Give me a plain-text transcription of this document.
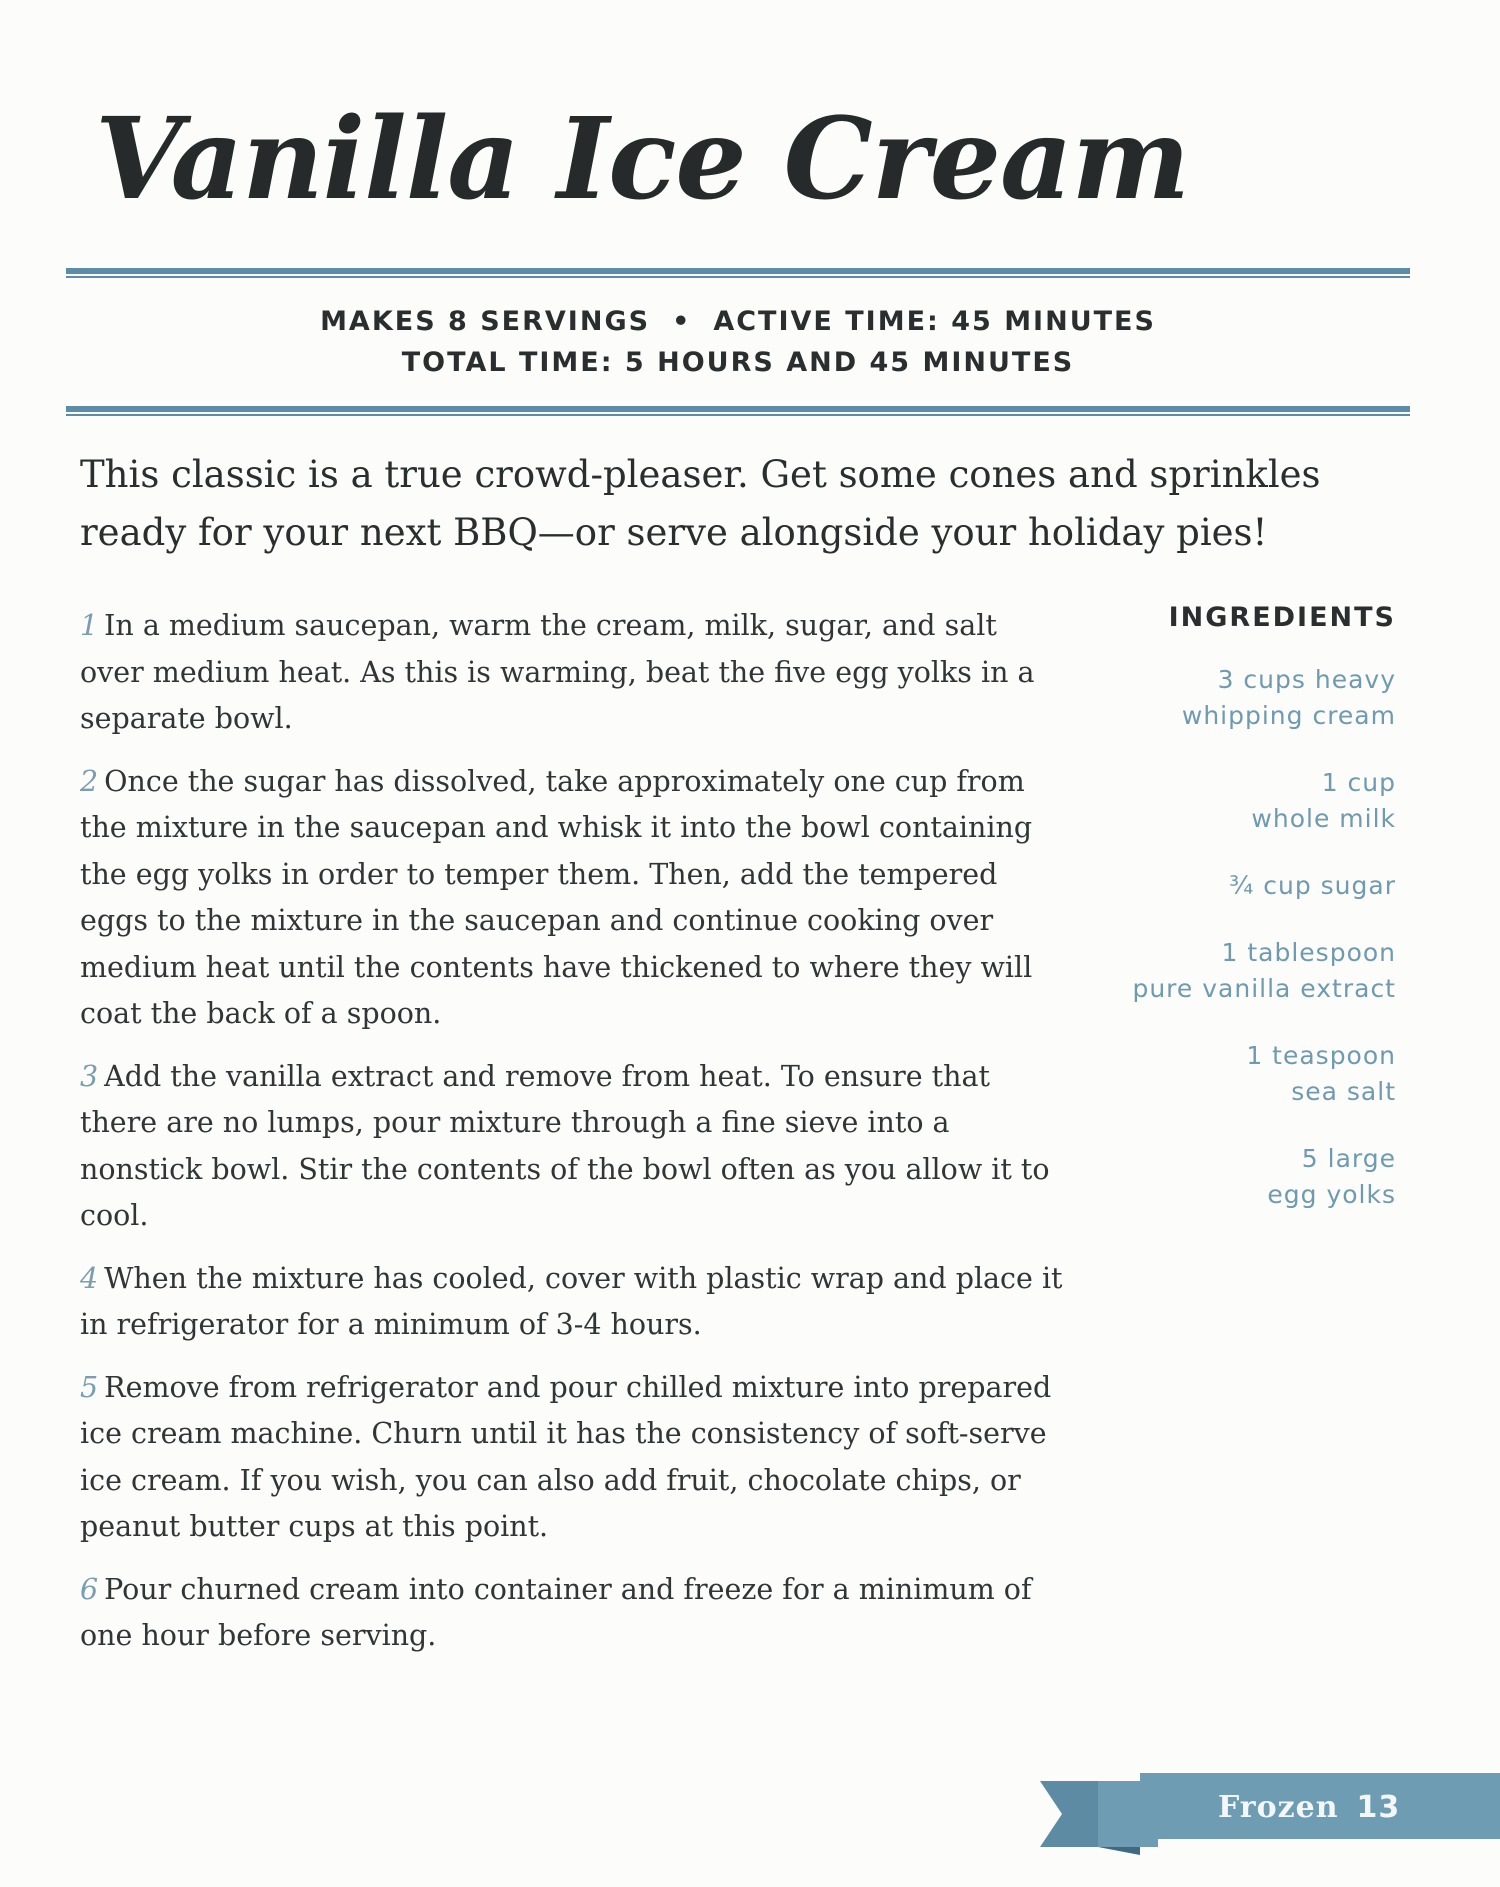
Vanilla Ice Cream
MAKES 8 SERVINGS • ACTIVE TIME: 45 MINUTES
TOTAL TIME: 5 HOURS AND 45 MINUTES

This classic is a true crowd-pleaser. Get some cones and sprinkles ready for your next BBQ—or serve alongside your holiday pies!

1 In a medium saucepan, warm the cream, milk, sugar, and salt over medium heat. As this is warming, beat the five egg yolks in a separate bowl.

2 Once the sugar has dissolved, take approximately one cup from the mixture in the saucepan and whisk it into the bowl containing the egg yolks in order to temper them. Then, add the tempered eggs to the mixture in the saucepan and continue cooking over medium heat until the contents have thickened to where they will coat the back of a spoon.

3 Add the vanilla extract and remove from heat. To ensure that there are no lumps, pour mixture through a fine sieve into a nonstick bowl. Stir the contents of the bowl often as you allow it to cool.

4 When the mixture has cooled, cover with plastic wrap and place it in refrigerator for a minimum of 3-4 hours.

5 Remove from refrigerator and pour chilled mixture into prepared ice cream machine. Churn until it has the consistency of soft-serve ice cream. If you wish, you can also add fruit, chocolate chips, or peanut butter cups at this point.

6 Pour churned cream into container and freeze for a minimum of one hour before serving.

INGREDIENTS
3 cups heavy
whipping cream
1 cup
whole milk
¾ cup sugar
1 tablespoon
pure vanilla extract
1 teaspoon
sea salt
5 large
egg yolks
Frozen 13
